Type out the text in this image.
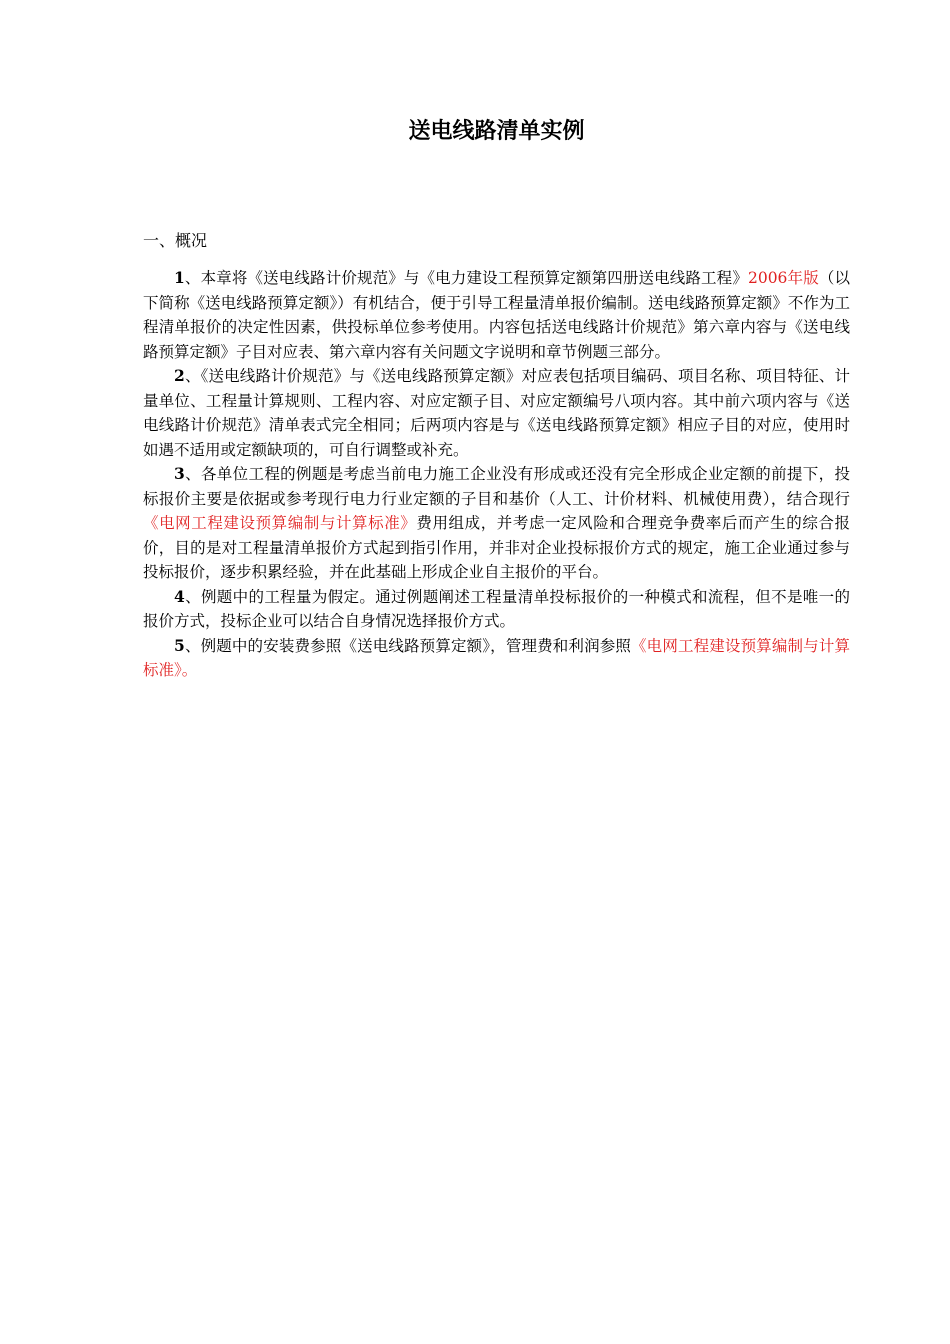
送电线路清单实例
一、概况

1、本章将《送电线路计价规范》与《电力建设工程预算定额第四册送电线路工程》2006年版（以下简称《送电线路预算定额》）有机结合，便于引导工程量清单报价编制。送电线路预算定额》不作为工程清单报价的决定性因素，供投标单位参考使用。内容包括送电线路计价规范》第六章内容与《送电线路预算定额》子目对应表、第六章内容有关问题文字说明和章节例题三部分。

2、《送电线路计价规范》与《送电线路预算定额》对应表包括项目编码、项目名称、项目特征、计量单位、工程量计算规则、工程内容、对应定额子目、对应定额编号八项内容。其中前六项内容与《送电线路计价规范》清单表式完全相同；后两项内容是与《送电线路预算定额》相应子目的对应，使用时如遇不适用或定额缺项的，可自行调整或补充。

3、各单位工程的例题是考虑当前电力施工企业没有形成或还没有完全形成企业定额的前提下，投标报价主要是依据或参考现行电力行业定额的子目和基价（人工、计价材料、机械使用费），结合现行《电网工程建设预算编制与计算标准》费用组成，并考虑一定风险和合理竞争费率后而产生的综合报价，目的是对工程量清单报价方式起到指引作用，并非对企业投标报价方式的规定，施工企业通过参与投标报价，逐步积累经验，并在此基础上形成企业自主报价的平台。

4、例题中的工程量为假定。通过例题阐述工程量清单投标报价的一种模式和流程，但不是唯一的报价方式，投标企业可以结合自身情况选择报价方式。

5、例题中的安装费参照《送电线路预算定额》，管理费和利润参照《电网工程建设预算编制与计算标准》。
